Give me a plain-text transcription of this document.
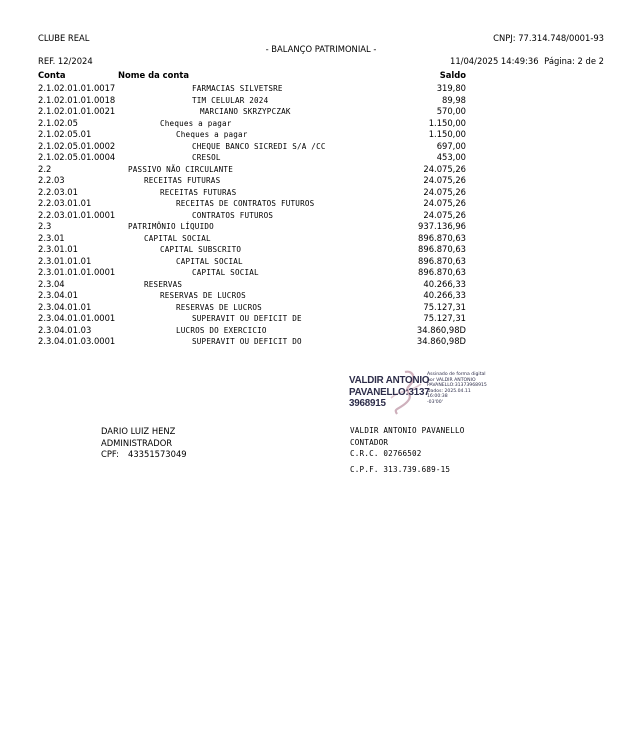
CLUBE REAL	CNPJ: 77.314.748/0001-93
- BALANÇO PATRIMONIAL -
REF. 12/2024	11/04/2025 14:49:36 Página: 2 de 2
Conta	Nome da conta	Saldo
2.1.02.01.01.0017	FARMACIAS SILVETSRE	319,80
2.1.02.01.01.0018	TIM CELULAR 2024	89,98
2.1.02.01.01.0021	MARCIANO SKRZYPCZAK	570,00
2.1.02.05	Cheques a pagar	1.150,00
2.1.02.05.01	Cheques a pagar	1.150,00
2.1.02.05.01.0002	CHEQUE BANCO SICREDI S/A /CC	697,00
2.1.02.05.01.0004	CRESOL	453,00
2.2	PASSIVO NÃO CIRCULANTE	24.075,26
2.2.03	RECEITAS FUTURAS	24.075,26
2.2.03.01	RECEITAS FUTURAS	24.075,26
2.2.03.01.01	RECEITAS DE CONTRATOS FUTUROS	24.075,26
2.2.03.01.01.0001	CONTRATOS FUTUROS	24.075,26
2.3	PATRIMÔNIO LÍQUIDO	937.136,96
2.3.01	CAPITAL SOCIAL	896.870,63
2.3.01.01	CAPITAL SUBSCRITO	896.870,63
2.3.01.01.01	CAPITAL SOCIAL	896.870,63
2.3.01.01.01.0001	CAPITAL SOCIAL	896.870,63
2.3.04	RESERVAS	40.266,33
2.3.04.01	RESERVAS DE LUCROS	40.266,33
2.3.04.01.01	RESERVAS DE LUCROS	75.127,31
2.3.04.01.01.0001	SUPERAVIT OU DEFICIT DE	75.127,31
2.3.04.01.03	LUCROS DO EXERCICIO	34.860,98D
2.3.04.01.03.0001	SUPERAVIT OU DEFICIT DO	34.860,98D
VALDIR ANTONIO
PAVANELLO:3137
3968915
Assinado de forma digital
por VALDIR ANTONIO
PAVANELLO:31373968915
Dados: 2025.04.11 16:00:38
-03'00'
DARIO LUIZ HENZ
ADMINISTRADOR
CPF: 43351573049
VALDIR ANTONIO PAVANELLO
CONTADOR
C.R.C. 02766502
C.P.F. 313.739.689-15
